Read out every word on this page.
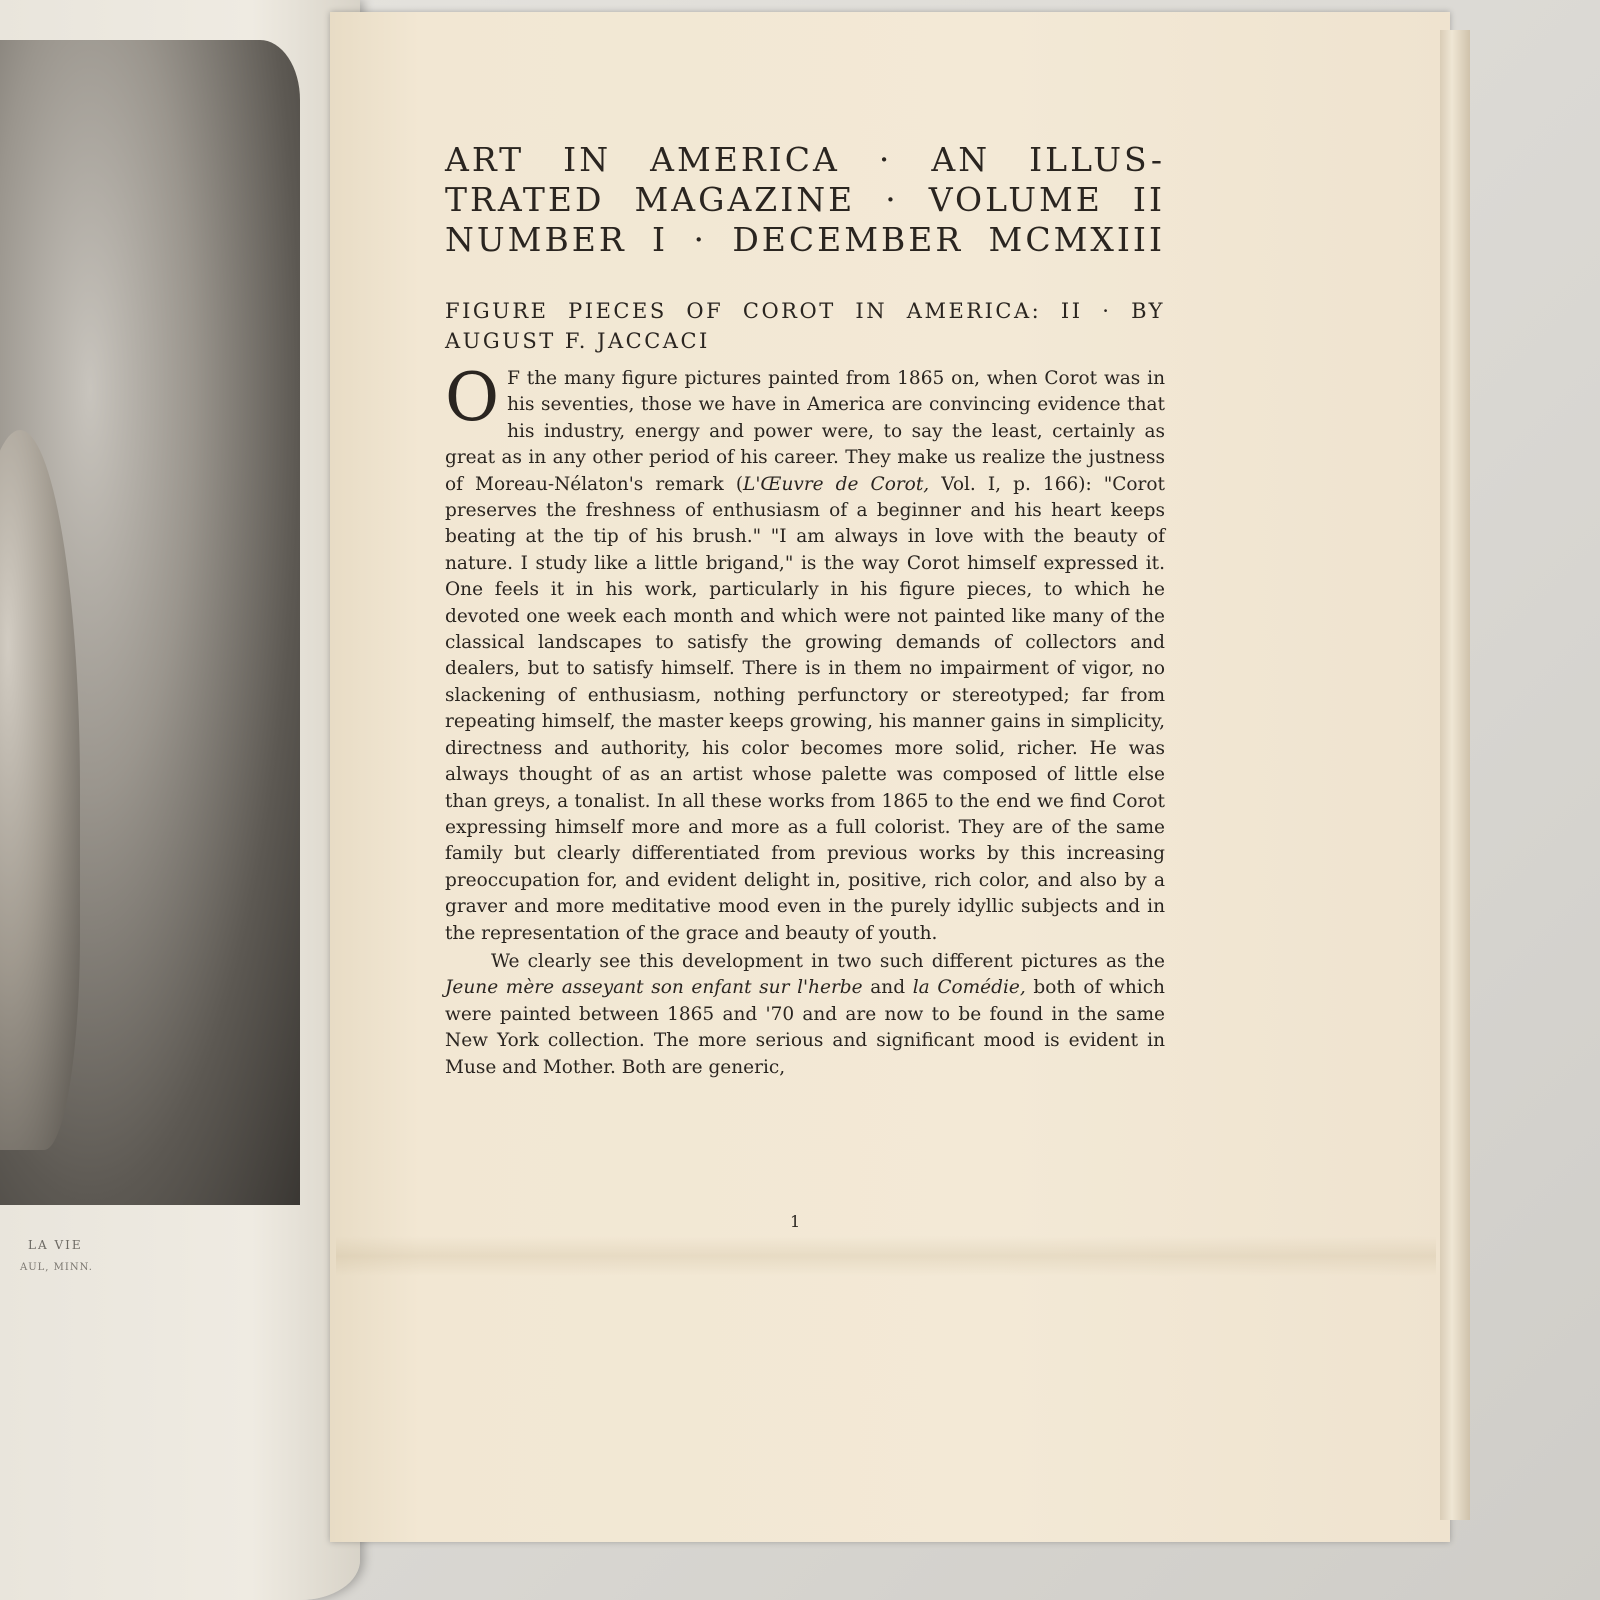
LA VIE
AUL, MINN.
ART IN AMERICA · AN ILLUS-
TRATED MAGAZINE · VOLUME II
NUMBER I · DECEMBER MCMXIII
FIGURE PIECES OF COROT IN AMERICA: II · BY
AUGUST F. JACCACI

O F the many figure pictures painted from 1865 on, when Corot was in his seventies, those we have in America are convincing evidence that his industry, energy and power were, to say the least, certainly as great as in any other period of his career. They make us realize the justness of Moreau-Nélaton's remark (L'Œuvre de Corot, Vol. I, p. 166): "Corot preserves the freshness of enthusiasm of a beginner and his heart keeps beating at the tip of his brush." "I am always in love with the beauty of nature. I study like a little brigand," is the way Corot himself expressed it. One feels it in his work, particularly in his figure pieces, to which he devoted one week each month and which were not painted like many of the classical landscapes to satisfy the growing demands of collectors and dealers, but to satisfy himself. There is in them no impairment of vigor, no slackening of enthusiasm, nothing perfunctory or stereotyped; far from repeating himself, the master keeps growing, his manner gains in simplicity, directness and authority, his color becomes more solid, richer. He was always thought of as an artist whose palette was composed of little else than greys, a tonalist. In all these works from 1865 to the end we find Corot expressing himself more and more as a full colorist. They are of the same family but clearly differentiated from previous works by this increasing preoccupation for, and evident delight in, positive, rich color, and also by a graver and more meditative mood even in the purely idyllic subjects and in the representation of the grace and beauty of youth.

We clearly see this development in two such different pictures as the Jeune mère asseyant son enfant sur l'herbe and la Comédie, both of which were painted between 1865 and '70 and are now to be found in the same New York collection. The more serious and significant mood is evident in Muse and Mother. Both are generic,

1
